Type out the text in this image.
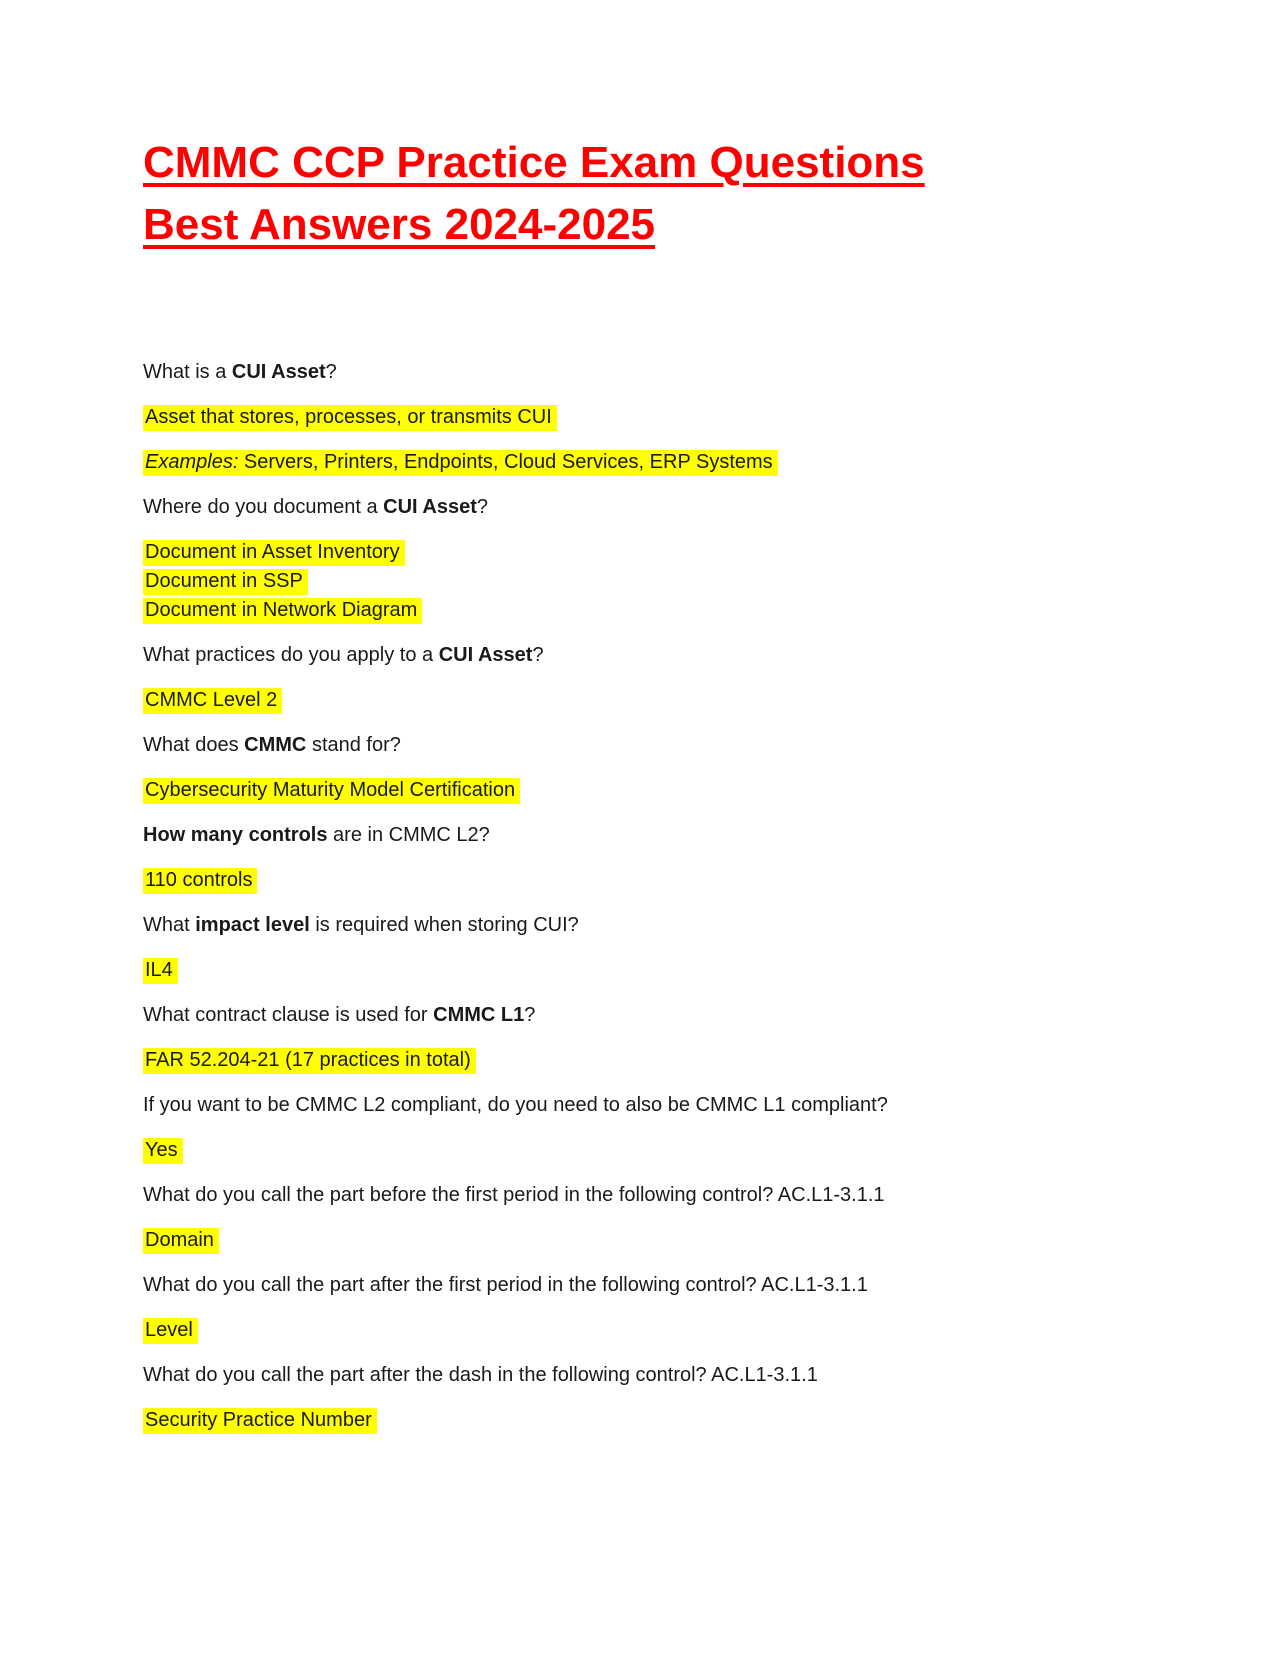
CMMC CCP Practice Exam Questions
Best Answers 2024-2025

What is a CUI Asset?

Asset that stores, processes, or transmits CUI

Examples: Servers, Printers, Endpoints, Cloud Services, ERP Systems

Where do you document a CUI Asset?

Document in Asset Inventory
Document in SSP
Document in Network Diagram

What practices do you apply to a CUI Asset?

CMMC Level 2

What does CMMC stand for?

Cybersecurity Maturity Model Certification

How many controls are in CMMC L2?

110 controls

What impact level is required when storing CUI?

IL4

What contract clause is used for CMMC L1?

FAR 52.204-21 (17 practices in total)

If you want to be CMMC L2 compliant, do you need to also be CMMC L1 compliant?

Yes

What do you call the part before the first period in the following control? AC.L1-3.1.1

Domain

What do you call the part after the first period in the following control? AC.L1-3.1.1

Level

What do you call the part after the dash in the following control? AC.L1-3.1.1

Security Practice Number
